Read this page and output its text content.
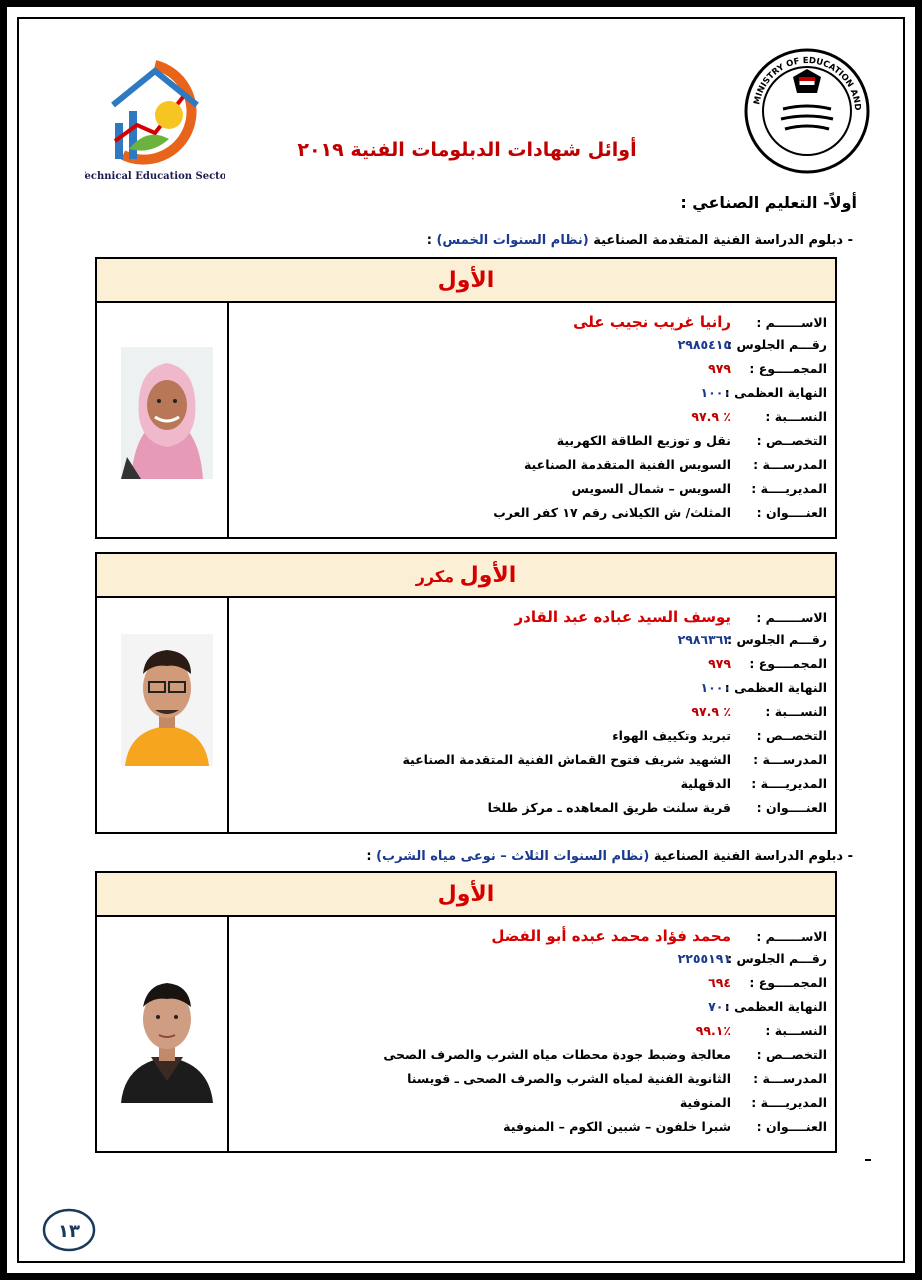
Technical Education Sector
MINISTRY OF EDUCATION AND
أوائل شهادات الدبلومات الفنية ٢٠١٩
أولاً- التعليم الصناعي :
- دبلوم الدراسة الفنية المتقدمة الصناعية (نظام السنوات الخمس) :
الأول
الاســــــم :
رانيا غريب نجيب على
رقـــم الجلوس :
٢٩٨٥٤١٥
المجمــــوع :
٩٧٩
النهاية العظمى :
١٠٠٠
النســـبة :
٪ ٩٧.٩
التخصــص :
نقل و توزيع الطاقة الكهربية
المدرســـة :
السويس الفنية المتقدمة الصناعية
المديريــــة :
السويس – شمال السويس
العنــــوان :
المثلث/ ش الكيلانى رقم ١٧ كفر العرب
الأول مكرر
الاســــــم :
يوسف السيد عباده عبد القادر
رقـــم الجلوس :
٢٩٨٦٣٦٢
المجمــــوع :
٩٧٩
النهاية العظمى :
١٠٠٠
النســـبة :
٪ ٩٧.٩
التخصــص :
تبريد وتكييف الهواء
المدرســـة :
الشهيد شريف فتوح القماش الفنية المتقدمة الصناعية
المديريــــة :
الدقهلية
العنــــوان :
قرية سلنت طريق المعاهده ـ مركز طلخا
- دبلوم الدراسة الفنية الصناعية (نظام السنوات الثلاث – نوعى مياه الشرب) :
الأول
الاســــــم :
محمد فؤاد محمد عبده أبو الفضل
رقـــم الجلوس :
٢٢٥٥١٩١
المجمــــوع :
٦٩٤
النهاية العظمى :
٧٠٠
النســـبة :
٪٩٩.١
التخصــص :
معالجة وضبط جودة محطات مياه الشرب والصرف الصحى
المدرســـة :
الثانوية الفنية لمياه الشرب والصرف الصحى ـ قويسنا
المديريــــة :
المنوفية
العنــــوان :
شبرا خلفون – شبين الكوم – المنوفية
١٣
